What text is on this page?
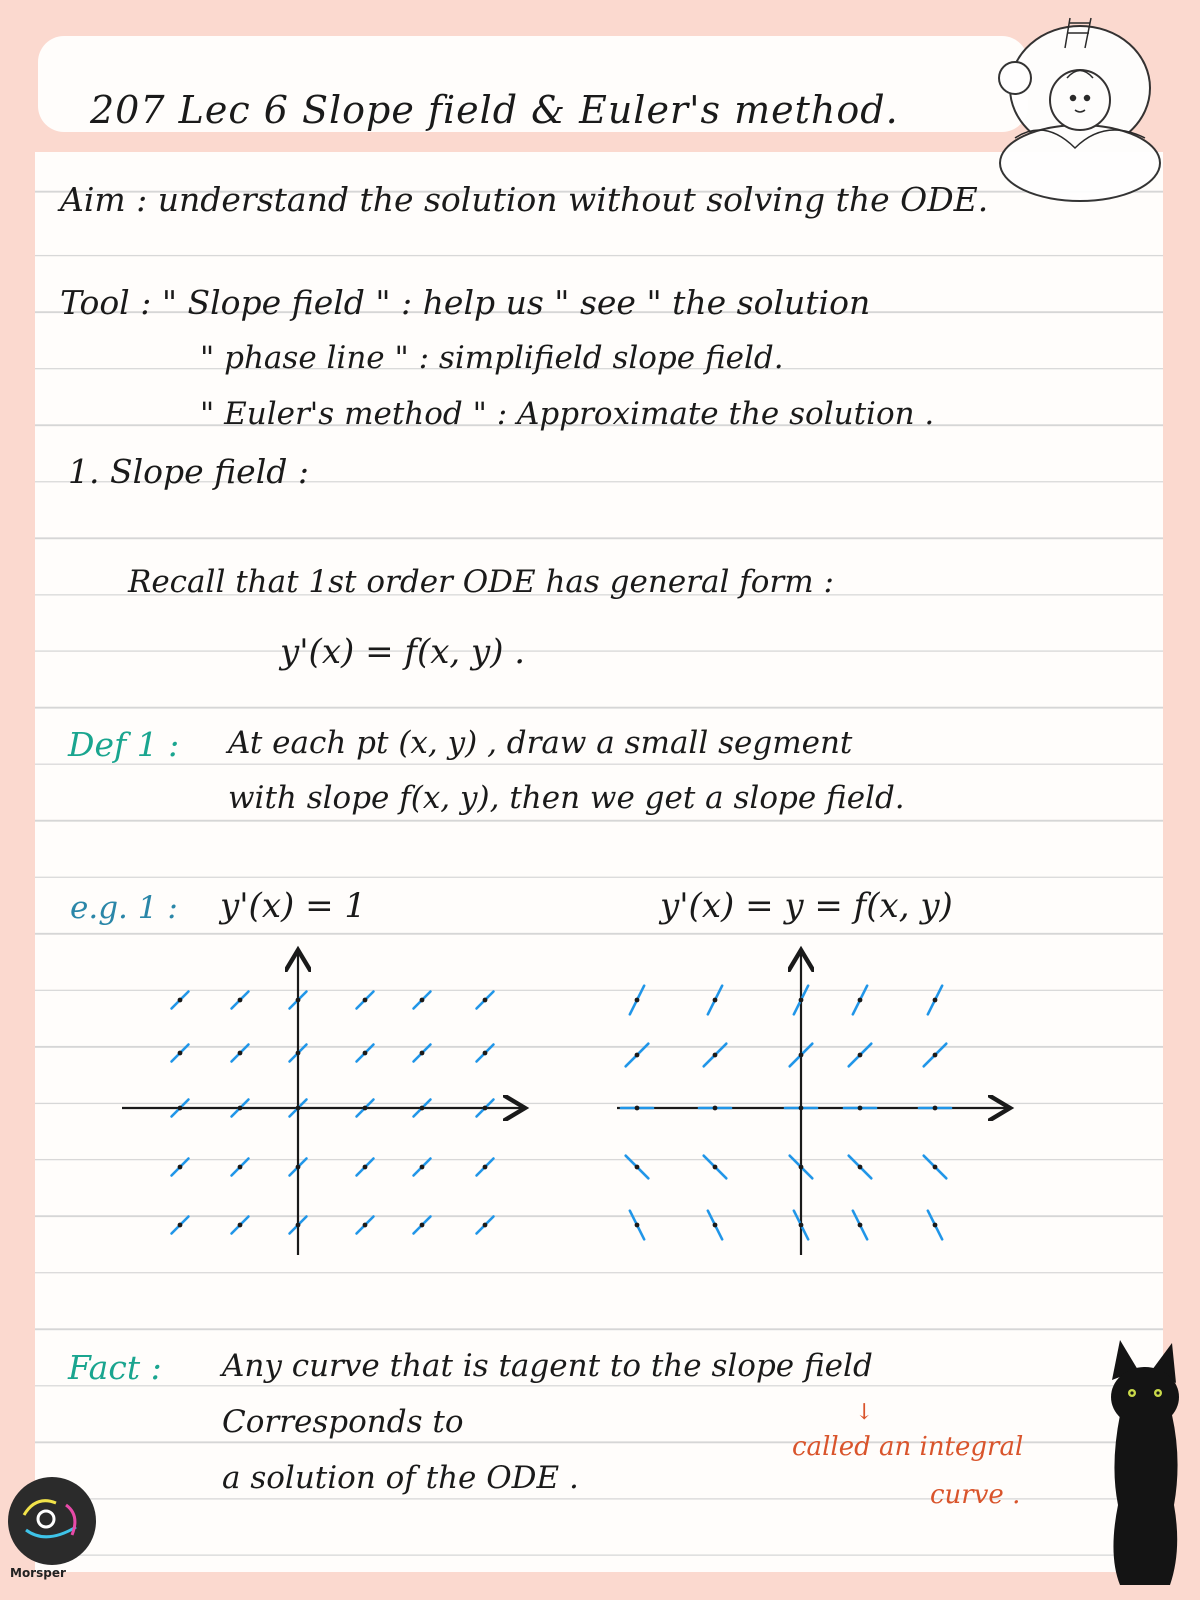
207 Lec 6 Slope field & Euler's method.
Aim : understand the solution without solving the ODE.
Tool : " Slope field " : help us " see " the solution
" phase line " : simplifield slope field.
" Euler's method " : Approximate the solution .
1. Slope field :
Recall that 1st order ODE has general form :
y'(x) = f(x, y) .
Def 1 : At each pt (x, y) , draw a small segment
with slope f(x, y), then we get a slope field.
e.g. 1 : y'(x) = 1	y'(x) = y = f(x, y)
Fact : Any curve that is tagent to the slope field
Corresponds to
a solution of the ODE .
↓
called an integral
curve .
Morsper
